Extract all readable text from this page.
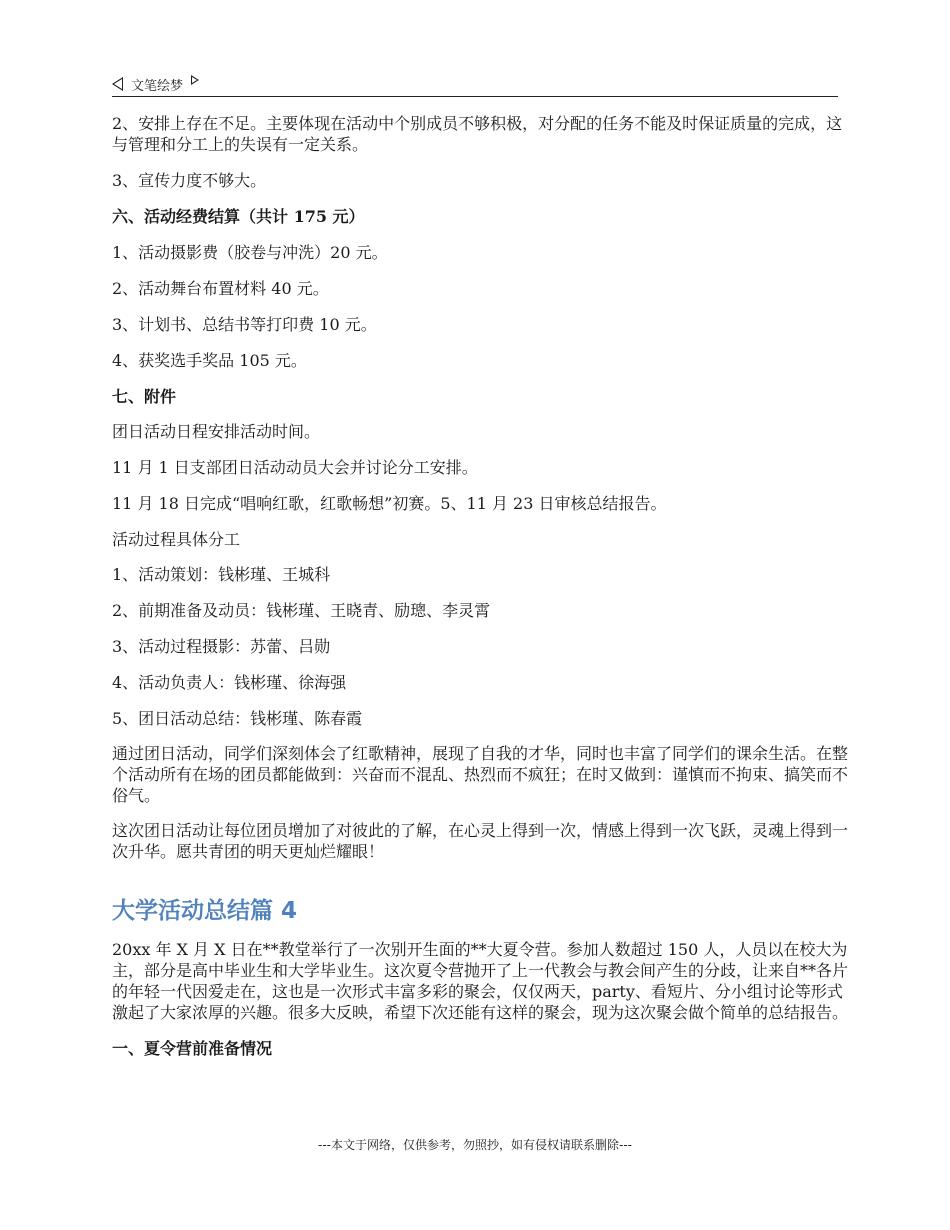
文笔绘梦

2、安排上存在不足。主要体现在活动中个别成员不够积极，对分配的任务不能及时保证质量的完成，这与管理和分工上的失误有一定关系。

3、宣传力度不够大。

六、活动经费结算（共计 175 元）

1、活动摄影费（胶卷与冲洗）20 元。

2、活动舞台布置材料 40 元。

3、计划书、总结书等打印费 10 元。

4、获奖选手奖品 105 元。

七、附件

团日活动日程安排活动时间。

11 月 1 日支部团日活动动员大会并讨论分工安排。

11 月 18 日完成“唱响红歌，红歌畅想”初赛。5、11 月 23 日审核总结报告。

活动过程具体分工

1、活动策划：钱彬瑾、王城科

2、前期准备及动员：钱彬瑾、王晓青、励璁、李灵霄

3、活动过程摄影：苏蕾、吕勋

4、活动负责人：钱彬瑾、徐海强

5、团日活动总结：钱彬瑾、陈春霞

通过团日活动，同学们深刻体会了红歌精神，展现了自我的才华，同时也丰富了同学们的课余生活。在整个活动所有在场的团员都能做到：兴奋而不混乱、热烈而不疯狂；在时又做到：谨慎而不拘束、搞笑而不俗气。

这次团日活动让每位团员增加了对彼此的了解，在心灵上得到一次，情感上得到一次飞跃，灵魂上得到一次升华。愿共青团的明天更灿烂耀眼！

大学活动总结篇 4

20xx 年 X 月 X 日在**教堂举行了一次别开生面的**大夏令营。参加人数超过 150 人，人员以在校大为主，部分是高中毕业生和大学毕业生。这次夏令营抛开了上一代教会与教会间产生的分歧，让来自**各片的年轻一代因爱走在，这也是一次形式丰富多彩的聚会，仅仅两天，party、看短片、分小组讨论等形式激起了大家浓厚的兴趣。很多大反映，希望下次还能有这样的聚会，现为这次聚会做个简单的总结报告。

一、夏令营前准备情况

---本文于网络，仅供参考，勿照抄，如有侵权请联系删除---
